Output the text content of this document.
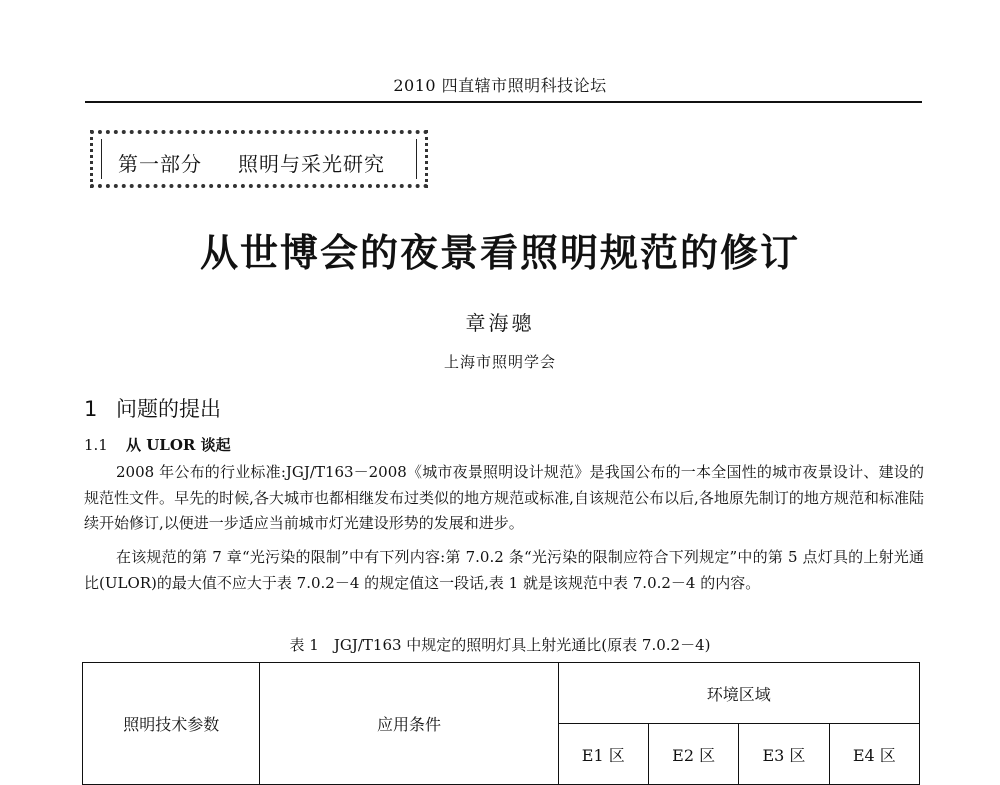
2010 四直辖市照明科技论坛
第一部分 照明与采光研究
从世博会的夜景看照明规范的修订
章海骢
上海市照明学会
1 问题的提出
1.1 从 ULOR 谈起

2008 年公布的行业标准:JGJ/T163－2008《城市夜景照明设计规范》是我国公布的一本全国性的城市夜景设计、建设的规范性文件。早先的时候,各大城市也都相继发布过类似的地方规范或标准,自该规范公布以后,各地原先制订的地方规范和标准陆续开始修订,以便进一步适应当前城市灯光建设形势的发展和进步。

在该规范的第 7 章“光污染的限制”中有下列内容:第 7.0.2 条“光污染的限制应符合下列规定”中的第 5 点灯具的上射光通比(ULOR)的最大值不应大于表 7.0.2－4 的规定值这一段话,表 1 就是该规范中表 7.0.2－4 的内容。

表 1　JGJ/T163 中规定的照明灯具上射光通比(原表 7.0.2－4)
照明技术参数	应用条件	环境区域			
		E1 区	E2 区	E3 区	E4 区
